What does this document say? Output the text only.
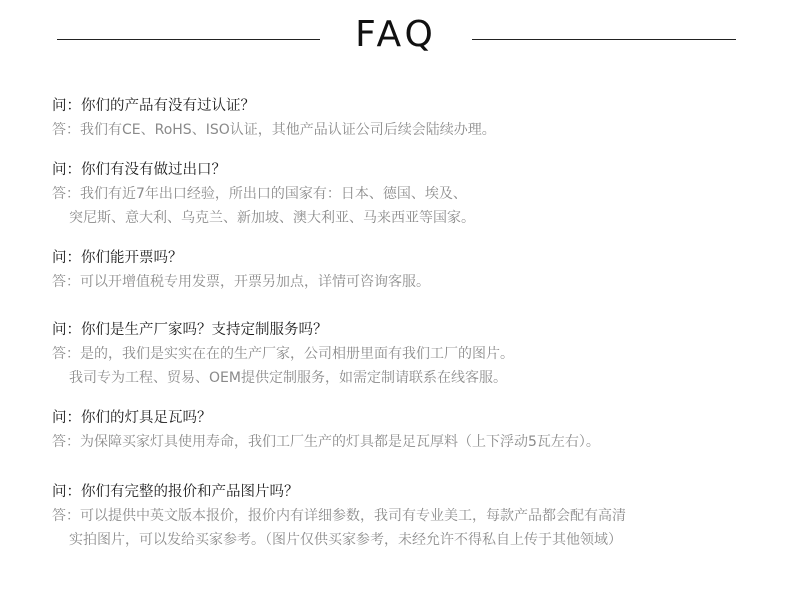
FAQ
问：你们的产品有没有过认证？
答：我们有CE、RoHS、ISO认证，其他产品认证公司后续会陆续办理。
问：你们有没有做过出口？
答：我们有近7年出口经验，所出口的国家有：日本、德国、埃及、
突尼斯、意大利、乌克兰、新加坡、澳大利亚、马来西亚等国家。
问：你们能开票吗？
答：可以开增值税专用发票，开票另加点，详情可咨询客服。
问：你们是生产厂家吗？支持定制服务吗？
答：是的，我们是实实在在的生产厂家，公司相册里面有我们工厂的图片。
我司专为工程、贸易、OEM提供定制服务，如需定制请联系在线客服。
问：你们的灯具足瓦吗？
答：为保障买家灯具使用寿命，我们工厂生产的灯具都是足瓦厚料（上下浮动5瓦左右）。
问：你们有完整的报价和产品图片吗？
答：可以提供中英文版本报价，报价内有详细参数，我司有专业美工，每款产品都会配有高清
实拍图片，可以发给买家参考。（图片仅供买家参考，未经允许不得私自上传于其他领域）
